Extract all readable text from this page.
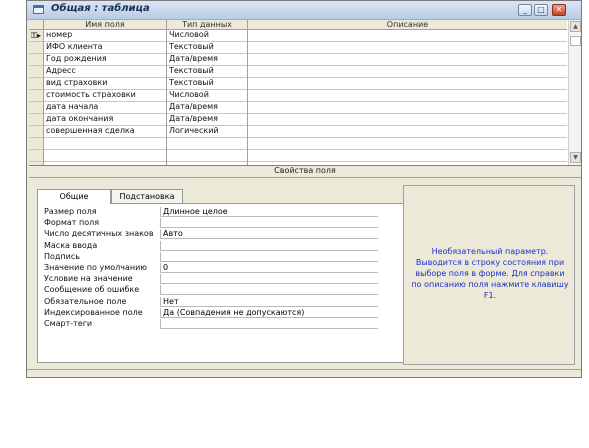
Общая : таблица	_	□	✕
Имя поля	Тип данных	Описание
⚿▸ номер	Числовой
ИФО клиента	Текстовый
Год рождения	Дата/время
Адресс	Текстовый
вид страховки	Текстовый
стоимость страховки	Числовой
дата начала	Дата/время
дата окончания	Дата/время
совершенная сделка	Логический
▲
▼
Свойства поля
Общие	Подстановка
Размер поля	Длинное целое
Формат поля
Число десятичных знаков	Авто
Маска ввода
Подпись
Значение по умолчанию	0
Условие на значение
Сообщение об ошибке
Обязательное поле	Нет
Индексированное поле	Да (Совпадения не допускаются)
Смарт-теги
Необязательный параметр. Выводится в строку состояния при выборе поля в форме. Для справки по описанию поля нажмите клавишу F1.
